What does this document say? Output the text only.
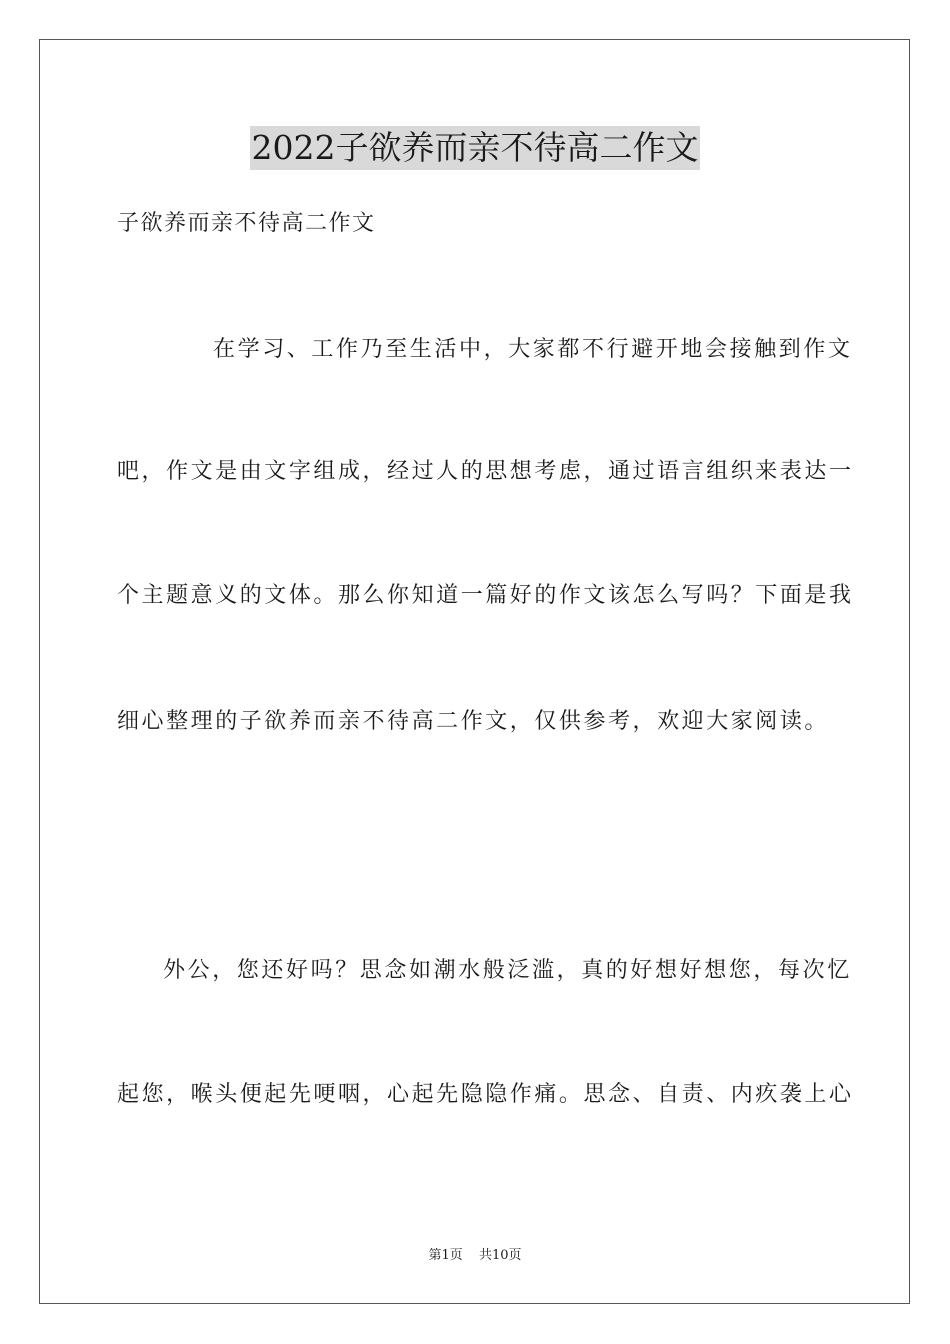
2022子欲养而亲不待高二作文
子欲养而亲不待高二作文
在学习、工作乃至生活中，大家都不行避开地会接触到作文
吧，作文是由文字组成，经过人的思想考虑，通过语言组织来表达一
个主题意义的文体。那么你知道一篇好的作文该怎么写吗？下面是我
细心整理的子欲养而亲不待高二作文，仅供参考，欢迎大家阅读。
外公，您还好吗？思念如潮水般泛滥，真的好想好想您，每次忆
起您，喉头便起先哽咽，心起先隐隐作痛。思念、自责、内疚袭上心
第1页 共10页
